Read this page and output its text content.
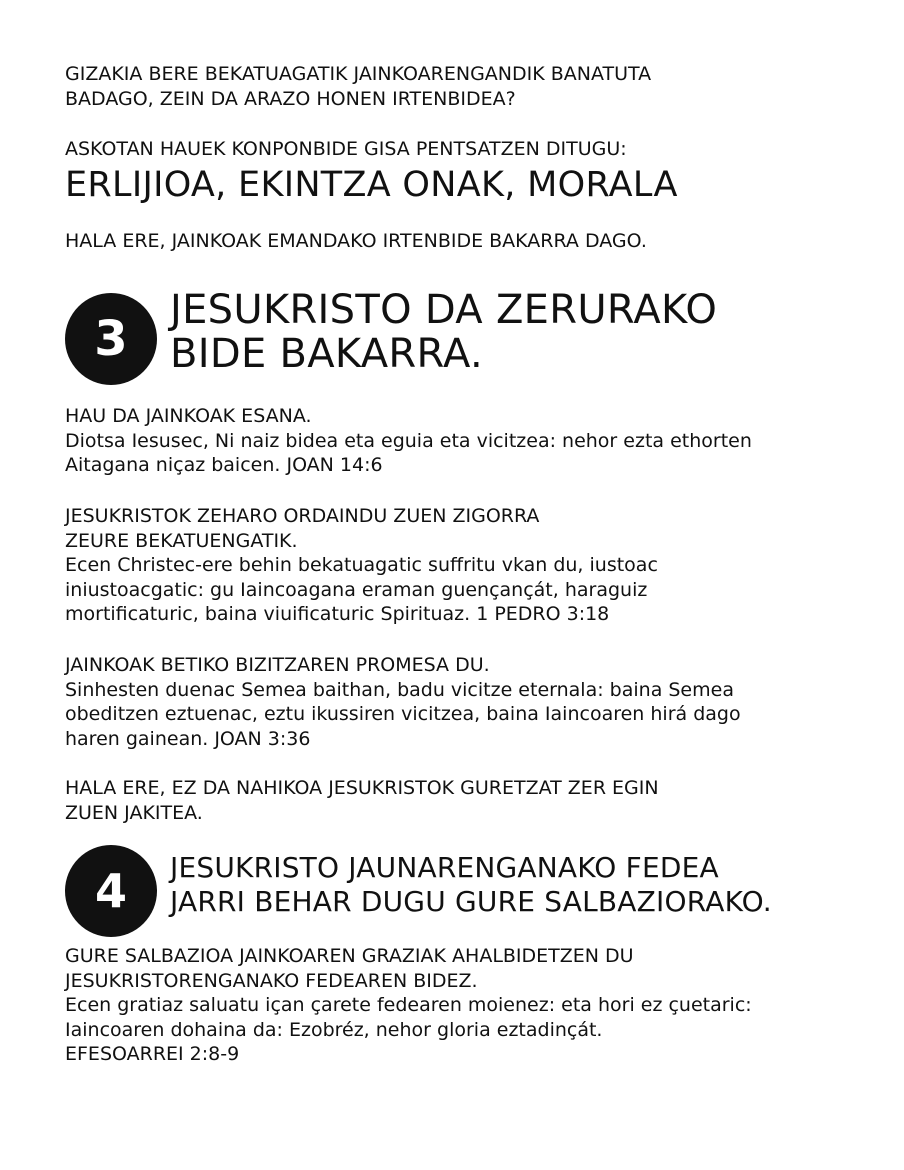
GIZAKIA BERE BEKATUAGATIK JAINKOARENGANDIK BANATUTA

BADAGO, ZEIN DA ARAZO HONEN IRTENBIDEA?

ASKOTAN HAUEK KONPONBIDE GISA PENTSATZEN DITUGU:

ERLIJIOA, EKINTZA ONAK, MORALA

HALA ERE, JAINKOAK EMANDAKO IRTENBIDE BAKARRA DAGO.

3

JESUKRISTO DA ZERURAKO

BIDE BAKARRA.

HAU DA JAINKOAK ESANA.

Diotsa Iesusec, Ni naiz bidea eta eguia eta vicitzea: nehor ezta ethorten

Aitagana niçaz baicen. JOAN 14:6

JESUKRISTOK ZEHARO ORDAINDU ZUEN ZIGORRA

ZEURE BEKATUENGATIK.

Ecen Christec-ere behin bekatuagatic suffritu vkan du, iustoac

iniustoacgatic: gu Iaincoagana eraman guençançát, haraguiz

mortificaturic, baina viuificaturic Spirituaz. 1 PEDRO 3:18

JAINKOAK BETIKO BIZITZAREN PROMESA DU.

Sinhesten duenac Semea baithan, badu vicitze eternala: baina Semea

obeditzen eztuenac, eztu ikussiren vicitzea, baina Iaincoaren hirá dago

haren gainean. JOAN 3:36

HALA ERE, EZ DA NAHIKOA JESUKRISTOK GURETZAT ZER EGIN

ZUEN JAKITEA.

4 JESUKRISTO JAUNARENGANAKO FEDEA

JARRI BEHAR DUGU GURE SALBAZIORAKO.

GURE SALBAZIOA JAINKOAREN GRAZIAK AHALBIDETZEN DU

JESUKRISTORENGANAKO FEDEAREN BIDEZ.

Ecen gratiaz saluatu içan çarete fedearen moienez: eta hori ez çuetaric:

Iaincoaren dohaina da: Ezobréz, nehor gloria eztadinçát.

EFESOARREI 2:8-9
